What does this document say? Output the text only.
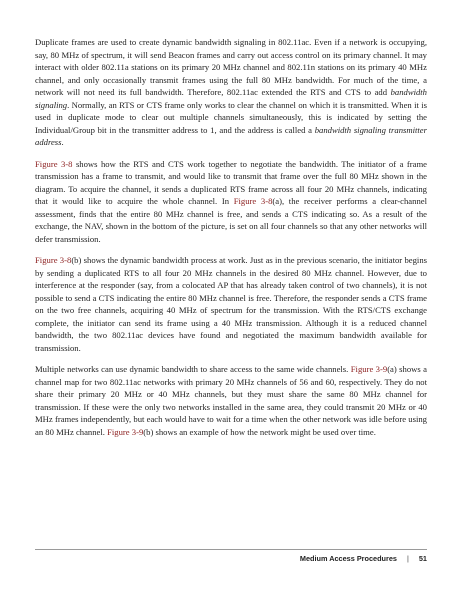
Duplicate frames are used to create dynamic bandwidth signaling in 802.11ac. Even if a network is occupying, say, 80 MHz of spectrum, it will send Beacon frames and carry out access control on its primary channel. It may interact with older 802.11a stations on its primary 20 MHz channel and 802.11n stations on its primary 40 MHz channel, and only occasionally transmit frames using the full 80 MHz bandwidth. For much of the time, a network will not need its full bandwidth. Therefore, 802.11ac extended the RTS and CTS to add bandwidth signaling. Normally, an RTS or CTS frame only works to clear the channel on which it is transmitted. When it is used in duplicate mode to clear out multiple channels simultaneously, this is indicated by setting the Individual/Group bit in the transmitter address to 1, and the address is called a bandwidth signaling transmitter address.

Figure 3-8 shows how the RTS and CTS work together to negotiate the bandwidth. The initiator of a frame transmission has a frame to transmit, and would like to transmit that frame over the full 80 MHz shown in the diagram. To acquire the channel, it sends a duplicated RTS frame across all four 20 MHz channels, indicating that it would like to acquire the whole channel. In Figure 3-8(a), the receiver performs a clear-channel assessment, finds that the entire 80 MHz channel is free, and sends a CTS indicating so. As a result of the exchange, the NAV, shown in the bottom of the picture, is set on all four channels so that any other networks will defer transmission.

Figure 3-8(b) shows the dynamic bandwidth process at work. Just as in the previous scenario, the initiator begins by sending a duplicated RTS to all four 20 MHz channels in the desired 80 MHz channel. However, due to interference at the responder (say, from a colocated AP that has already taken control of two channels), it is not possible to send a CTS indicating the entire 80 MHz channel is free. Therefore, the responder sends a CTS frame on the two free channels, acquiring 40 MHz of spectrum for the transmission. With the RTS/CTS exchange complete, the initiator can send its frame using a 40 MHz transmission. Although it is a reduced channel bandwidth, the two 802.11ac devices have found and negotiated the maximum bandwidth available for transmission.

Multiple networks can use dynamic bandwidth to share access to the same wide channels. Figure 3-9(a) shows a channel map for two 802.11ac networks with primary 20 MHz channels of 56 and 60, respectively. They do not share their primary 20 MHz or 40 MHz channels, but they must share the same 80 MHz channel for transmission. If these were the only two networks installed in the same area, they could transmit 20 MHz or 40 MHz frames independently, but each would have to wait for a time when the other network was idle before using an 80 MHz channel. Figure 3-9(b) shows an example of how the network might be used over time.

Medium Access Procedures | 51
